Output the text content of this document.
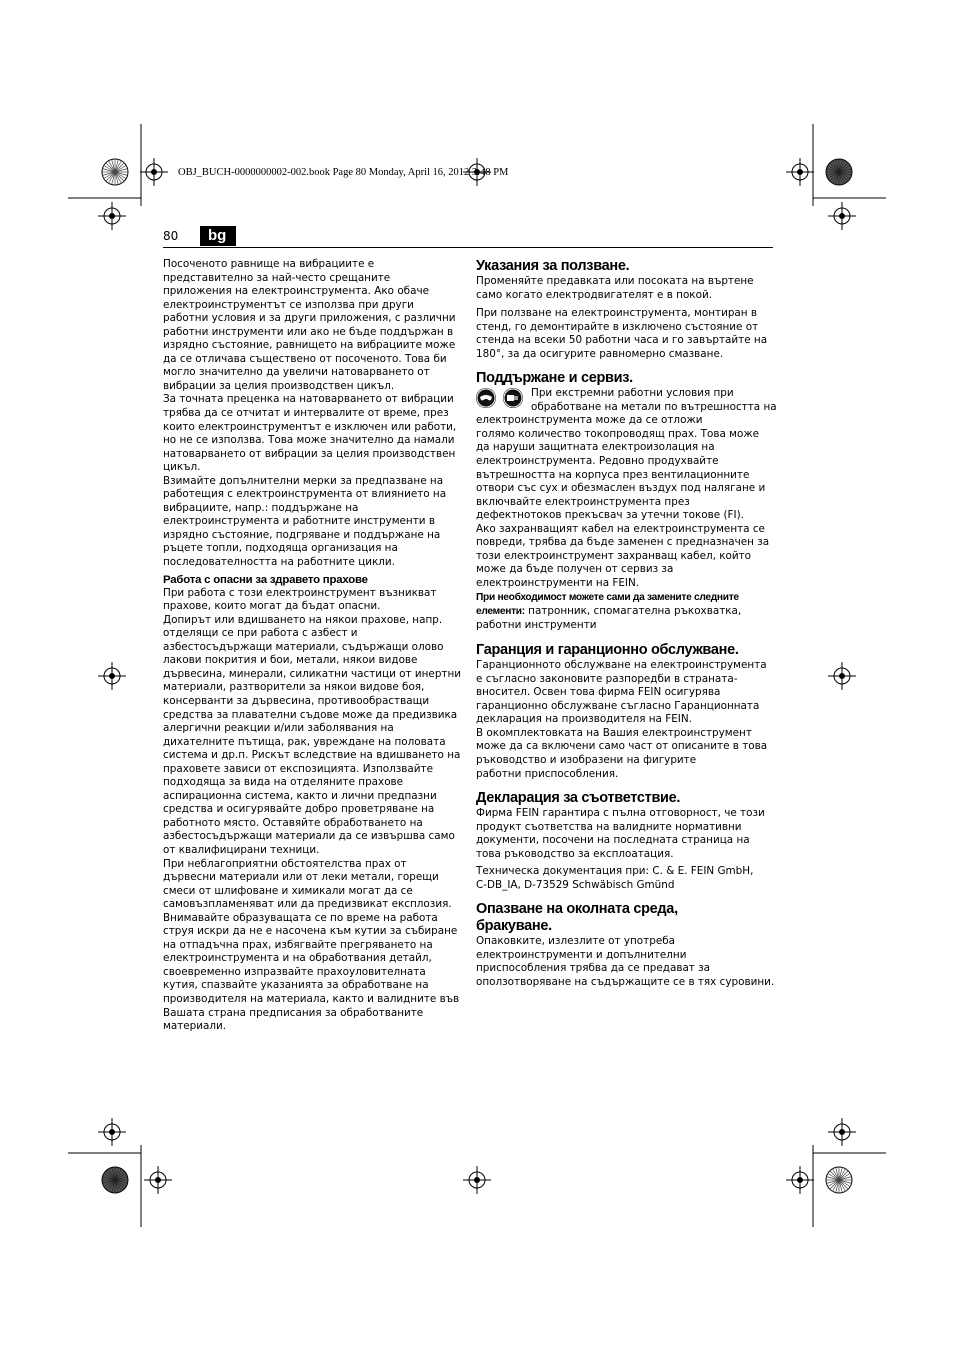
OBJ_BUCH-0000000002-002.book Page 80 Monday, April 16, 2012 3:48 PM
80	bg

Посоченото равнище на вибрациите е
представително за най-често срещаните
приложения на електроинструмента. Ако обаче
електроинструментът се използва при други
работни условия и за други приложения, с различни
работни инструменти или ако не бъде поддържан в
изрядно състояние, равнището на вибрациите може
да се отличава съществено от посоченото. Това би
могло значително да увеличи натоварването от
вибрации за целия производствен цикъл.

За точната преценка на натоварването от вибрации
трябва да се отчитат и интервалите от време, през
които електроинструментът е изключен или работи,
но не се използва. Това може значително да намали
натоварването от вибрации за целия производствен
цикъл.

Взимайте допълнителни мерки за предпазване на
работещия с електроинструмента от влиянието на
вибрациите, напр.: поддържане на
електроинструмента и работните инструменти в
изрядно състояние, подгряване и поддържане на
ръцете топли, подходяща организация на
последователността на работните цикли.

Работа с опасни за здравето прахове

При работа с този електроинструмент възникват
прахове, които могат да бъдат опасни.

Допирът или вдишването на някои прахове, напр.
отделящи се при работа с азбест и
азбестосъдържащи материали, съдържащи олово
лакови покрития и бои, метали, някои видове
дървесина, минерали, силикатни частици от инертни
материали, разтворители за някои видове боя,
консерванти за дървесина, противообрастващи
средства за плавателни съдове може да предизвика
алергични реакции и/или заболявания на
дихателните пътища, рак, увреждане на половата
система и др.п. Рискът вследствие на вдишването на
праховете зависи от експозицията. Използвайте
подходяща за вида на отделяните прахове
аспирационна система, както и лични предпазни
средства и осигурявайте добро проветряване на
работното място. Оставяйте обработването на
азбестосъдържащи материали да се извършва само
от квалифицирани техници.

При неблагоприятни обстоятелства прах от
дървесни материали или от леки метали, горещи
смеси от шлифоване и химикали могат да се
самовъзпламеняват или да предизвикат експлозия.
Внимавайте образуващата се по време на работа
струя искри да не е насочена към кутии за събиране
на отпадъчна прах, избягвайте прегряването на
електроинструмента и на обработвания детайл,
своевременно изпразвайте прахоуловителната
кутия, спазвайте указанията за обработване на
производителя на материала, както и валидните във
Вашата страна предписания за обработваните
материали.

Указания за ползване.

Променяйте предавката или посоката на въртене
само когато електродвигателят е в покой.

При ползване на електроинструмента, монтиран в
стенд, го демонтирайте в изключено състояние от
стенда на всеки 50 работни часа и го завъртайте на
180°, за да осигурите равномерно смазване.

Поддържане и сервиз.

При екстремни работни условия при
обработване на метали по вътрешността на
електроинструмента може да се отложи
голямо количество токопроводящ прах. Това може
да наруши защитната електроизолация на
електроинструмента. Редовно продухвайте
вътрешността на корпуса през вентилационните
отвори със сух и обезмаслен въздух под налягане и
включвайте електроинструмента през
дефектнотоков прекъсвач за утечни токове (FI).

Ако захранващият кабел на електроинструмента се
повреди, трябва да бъде заменен с предназначен за
този електроинструмент захранващ кабел, който
може да бъде получен от сервиз за
електроинструменти на FEIN.

При необходимост можете сами да замените следните
елементи: патронник, спомагателна ръкохватка,
работни инструменти

Гаранция и гаранционно обслужване.

Гаранционното обслужване на електроинструмента
е съгласно законовите разпоредби в страната-
вносител. Освен това фирма FEIN осигурява
гаранционно обслужване съгласно Гаранционната
декларация на производителя на FEIN.

В окомплектовката на Вашия електроинструмент
може да са включени само част от описаните в това
ръководство и изобразени на фигурите
работни приспособления.

Декларация за съответствие.

Фирма FEIN гарантира с пълна отговорност, че този
продукт съответства на валидните нормативни
документи, посочени на последната страница на
това ръководство за експлоатация.

Техническа документация при: C. & E. FEIN GmbH,
C-DB_IA, D-73529 Schwäbisch Gmünd

Опазване на околната среда,
бракуване.

Опаковките, излезлите от употреба
електроинструменти и допълнителни
приспособления трябва да се предават за
оползотворяване на съдържащите се в тях суровини.
